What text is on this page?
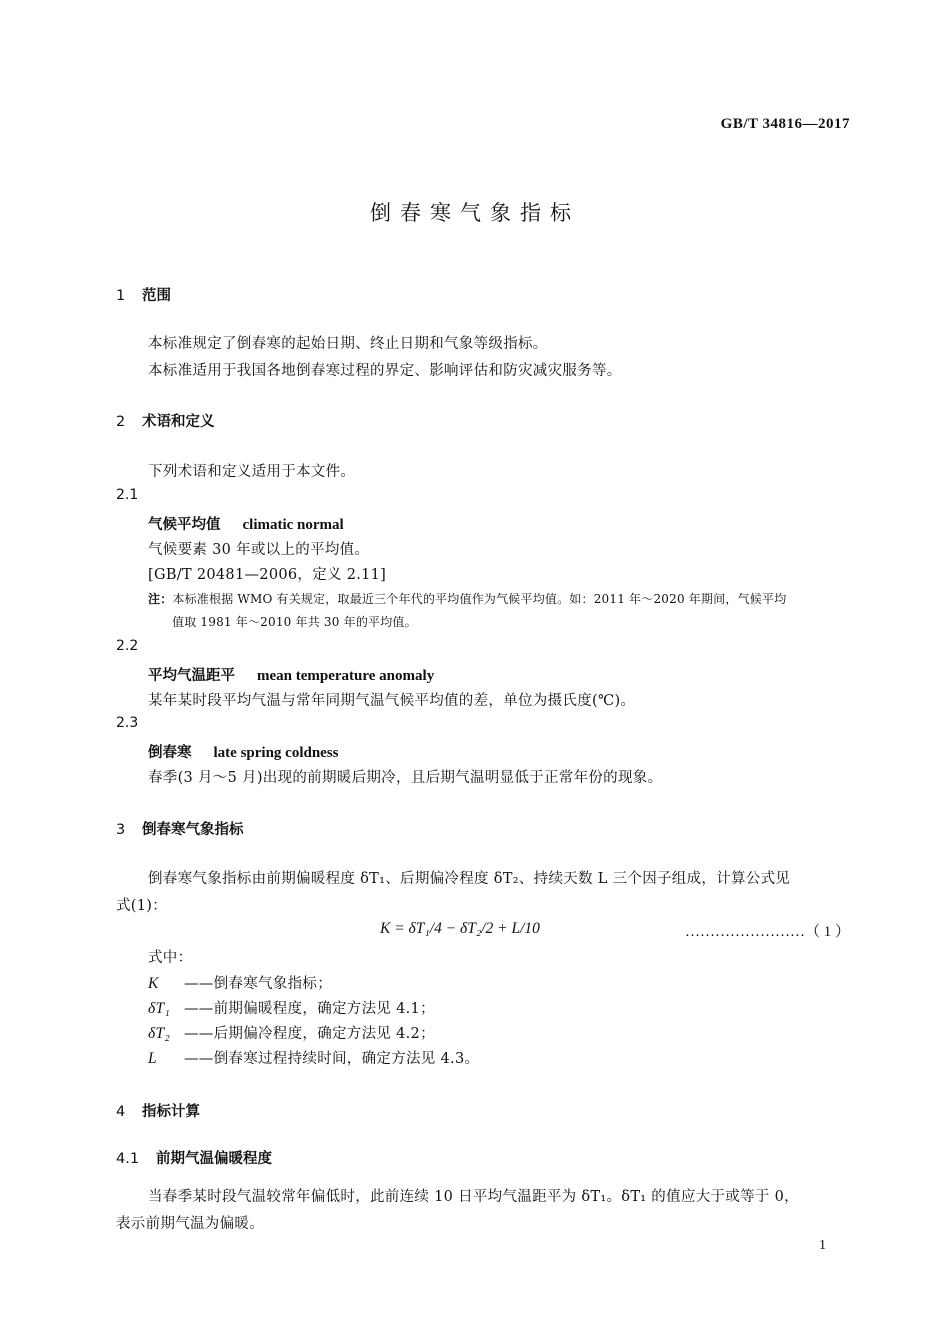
GB/T 34816—2017
倒春寒气象指标
1 范围
本标准规定了倒春寒的起始日期、终止日期和气象等级指标。
本标准适用于我国各地倒春寒过程的界定、影响评估和防灾减灾服务等。
2 术语和定义
下列术语和定义适用于本文件。
2.1
气候平均值 climatic normal
气候要素 30 年或以上的平均值。
[GB/T 20481—2006，定义 2.11]
注：本标准根据 WMO 有关规定，取最近三个年代的平均值作为气候平均值。如：2011 年～2020 年期间，气候平均
值取 1981 年～2010 年共 30 年的平均值。
2.2
平均气温距平 mean temperature anomaly
某年某时段平均气温与常年同期气温气候平均值的差，单位为摄氏度(℃)。
2.3
倒春寒 late spring coldness
春季(3 月～5 月)出现的前期暖后期冷，且后期气温明显低于正常年份的现象。
3 倒春寒气象指标
倒春寒气象指标由前期偏暖程度 δT₁、后期偏冷程度 δT₂、持续天数 L 三个因子组成，计算公式见
式(1)：
K = δT₁/4 − δT₂/2 + L/10	……………………（ 1 ）
式中：
K ——倒春寒气象指标；
δT₁ ——前期偏暖程度，确定方法见 4.1；
δT₂ ——后期偏冷程度，确定方法见 4.2；
L ——倒春寒过程持续时间，确定方法见 4.3。
4 指标计算
4.1 前期气温偏暖程度
当春季某时段气温较常年偏低时，此前连续 10 日平均气温距平为 δT₁。δT₁ 的值应大于或等于 0，
表示前期气温为偏暖。
1
